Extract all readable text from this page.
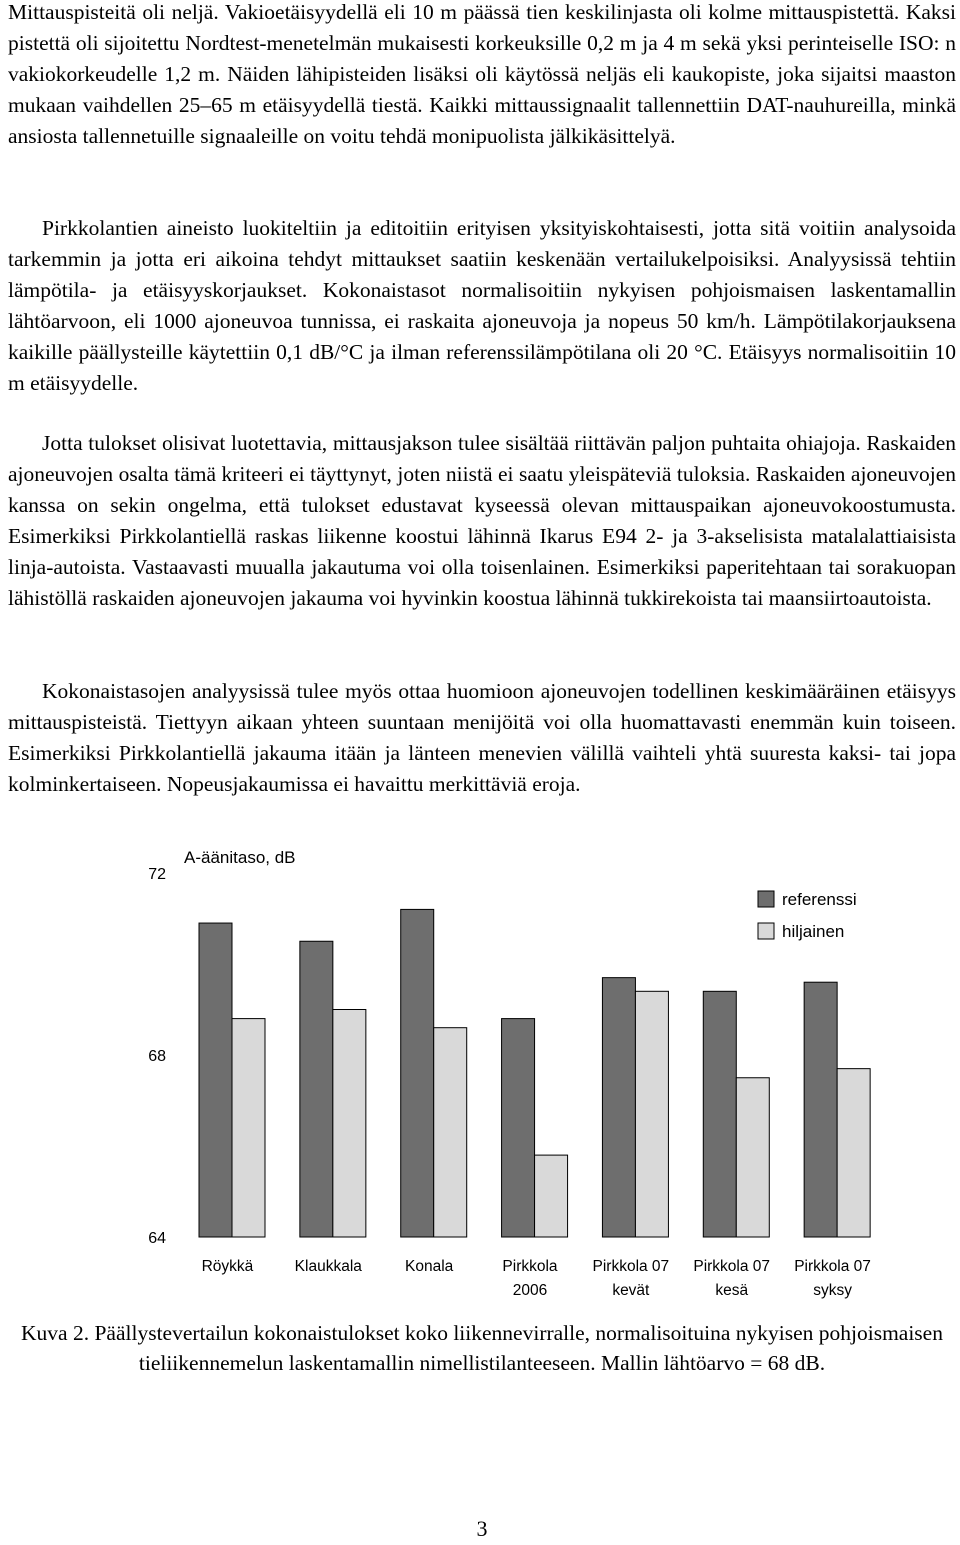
Mittauspisteitä oli neljä. Vakioetäisyydellä eli 10 m päässä tien keskilinjasta oli kolme mittauspistettä. Kaksi pistettä oli sijoitettu Nordtest-menetelmän mukaisesti korkeuksille 0,2 m ja 4 m sekä yksi perinteiselle ISO: n vakiokorkeudelle 1,2 m. Näiden lähipisteiden lisäksi oli käytössä neljäs eli kaukopiste, joka sijaitsi maaston mukaan vaihdellen 25–65 m etäisyydellä tiestä. Kaikki mittaussignaalit tallennettiin DAT-nauhureilla, minkä ansiosta tallennetuille signaaleille on voitu tehdä monipuolista jälkikäsittelyä.

Pirkkolantien aineisto luokiteltiin ja editoitiin erityisen yksityiskohtaisesti, jotta sitä voitiin analysoida tarkemmin ja jotta eri aikoina tehdyt mittaukset saatiin keskenään vertailukelpoisiksi. Analyysissä tehtiin lämpötila- ja etäisyyskorjaukset. Kokonaistasot normalisoitiin nykyisen pohjoismaisen laskentamallin lähtöarvoon, eli 1000 ajoneuvoa tunnissa, ei raskaita ajoneuvoja ja nopeus 50 km/h. Lämpötilakorjauksena kaikille päällysteille käytettiin 0,1 dB/°C ja ilman referenssilämpötilana oli 20 °C. Etäisyys normalisoitiin 10 m etäisyydelle.

Jotta tulokset olisivat luotettavia, mittausjakson tulee sisältää riittävän paljon puhtaita ohiajoja. Raskaiden ajoneuvojen osalta tämä kriteeri ei täyttynyt, joten niistä ei saatu yleispäteviä tuloksia. Raskaiden ajoneuvojen kanssa on sekin ongelma, että tulokset edustavat kyseessä olevan mittauspaikan ajoneuvokoostumusta. Esimerkiksi Pirkkolantiellä raskas liikenne koostui lähinnä Ikarus E94 2- ja 3-akselisista matalalattiaisista linja-autoista. Vastaavasti muualla jakautuma voi olla toisenlainen. Esimerkiksi paperitehtaan tai sorakuopan lähistöllä raskaiden ajoneuvojen jakauma voi hyvinkin koostua lähinnä tukkirekoista tai maansiirtoautoista.

Kokonaistasojen analyysissä tulee myös ottaa huomioon ajoneuvojen todellinen keskimääräinen etäisyys mittauspisteistä. Tiettyyn aikaan yhteen suuntaan menijöitä voi olla huomattavasti enemmän kuin toiseen. Esimerkiksi Pirkkolantiellä jakauma itään ja länteen menevien välillä vaihteli yhtä suuresta kaksi- tai jopa kolminkertaiseen. Nopeusjakaumissa ei havaittu merkittäviä eroja.

A-äänitaso, dB
72
68
64
Röykkä	Klaukkala	Konala	Pirkkola
2006
Pirkkola 07
kevät
Pirkkola 07
kesä
Pirkkola 07
syksy
referenssi
hiljainen
Kuva 2. Päällystevertailun kokonaistulokset koko liikennevirralle, normalisoituina nykyisen pohjoismaisen tieliikennemelun laskentamallin nimellistilanteeseen. Mallin lähtöarvo = 68 dB.
3
